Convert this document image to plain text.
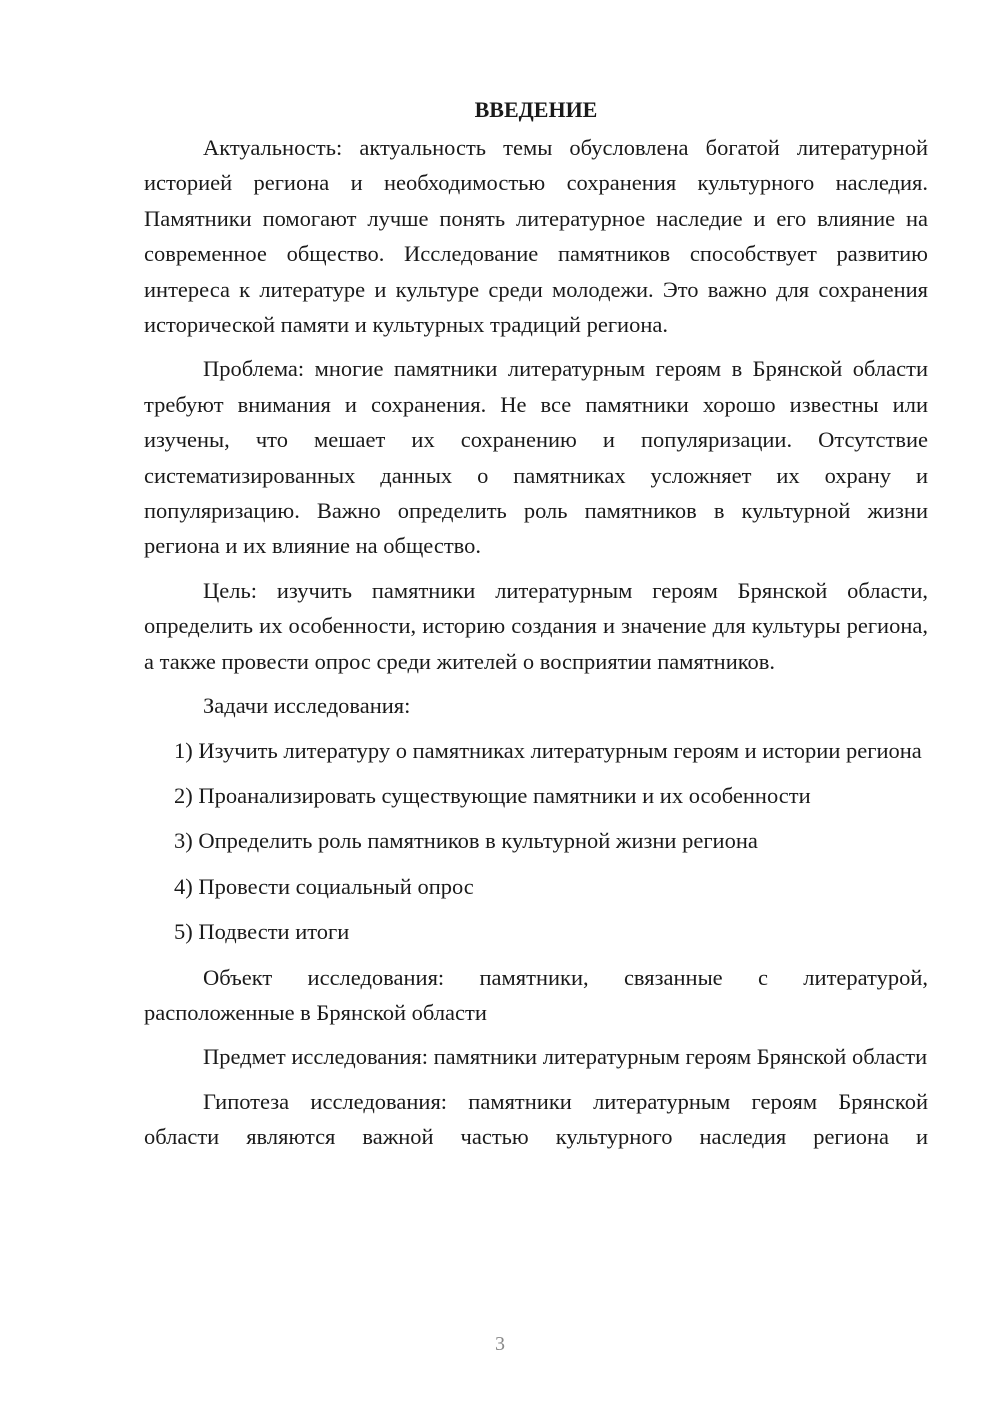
ВВЕДЕНИЕ

Актуальность: актуальность темы обусловлена богатой литературной историей региона и необходимостью сохранения культурного наследия. Памятники помогают лучше понять литературное наследие и его влияние на современное общество. Исследование памятников способствует развитию интереса к литературе и культуре среди молодежи. Это важно для сохранения исторической памяти и культурных традиций региона.

Проблема: многие памятники литературным героям в Брянской области требуют внимания и сохранения. Не все памятники хорошо известны или изучены, что мешает их сохранению и популяризации. Отсутствие систематизированных данных о памятниках усложняет их охрану и популяризацию. Важно определить роль памятников в культурной жизни региона и их влияние на общество.

Цель: изучить памятники литературным героям Брянской области, определить их особенности, историю создания и значение для культуры региона, а также провести опрос среди жителей о восприятии памятников.

Задачи исследования:

1) Изучить литературу о памятниках литературным героям и истории региона

2) Проанализировать существующие памятники и их особенности

3) Определить роль памятников в культурной жизни региона

4) Провести социальный опрос

5) Подвести итоги

Объект исследования: памятники, связанные с литературой, расположенные в Брянской области

Предмет исследования: памятники литературным героям Брянской области

Гипотеза исследования: памятники литературным героям Брянской области являются важной частью культурного наследия региона и

3
